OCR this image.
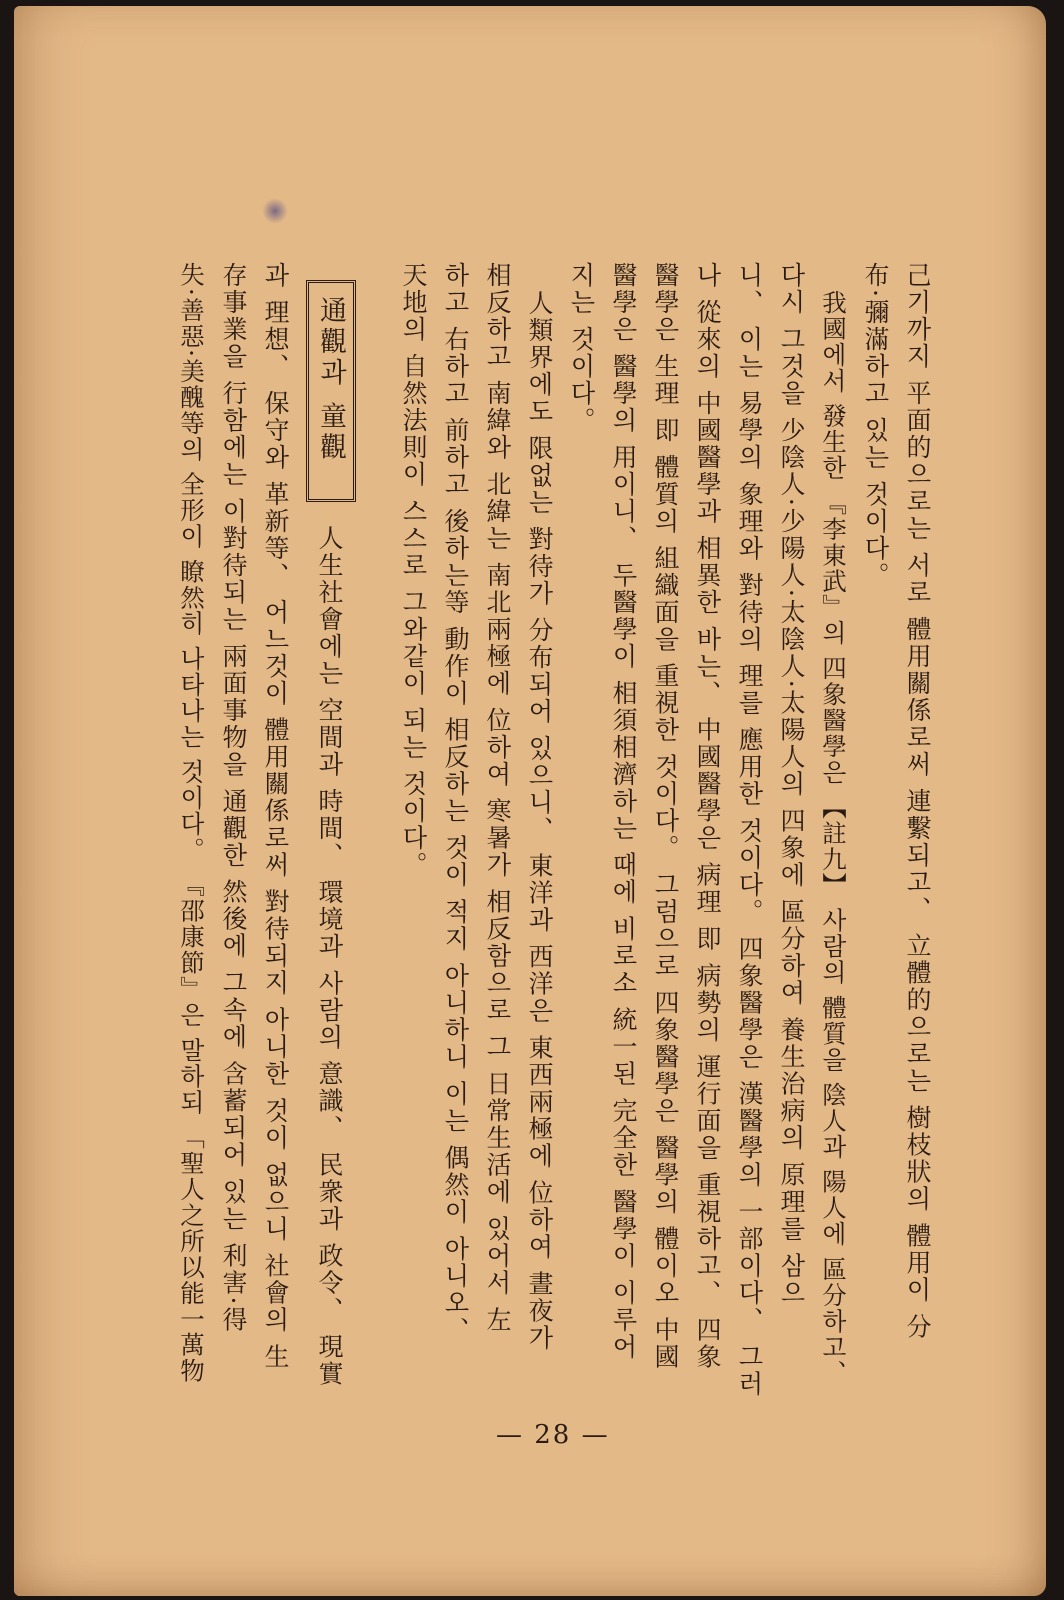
己기까지 平面的으로는 서로 體用關係로써 連繫되고、 立體的으로는 樹枝狀의 體用이 分
布·彌滿하고 있는 것이다。
我國에서 發生한 『李東武』의 四象醫學은 【註九】 사람의 體質을 陰人과 陽人에 區分하고、
다시 그것을 少陰人·少陽人·太陰人·太陽人의 四象에 區分하여 養生治病의 原理를 삼으
니、 이는 易學의 象理와 對待의 理를 應用한 것이다。 四象醫學은 漢醫學의 一部이다、 그러
나 從來의 中國醫學과 相異한 바는、 中國醫學은 病理 即 病勢의 運行面을 重視하고、 四象
醫學은 生理 即 體質의 組織面을 重視한 것이다。 그럼으로 四象醫學은 醫學의 體이오 中國
醫學은 醫學의 用이니、 두醫學이 相須相濟하는 때에 비로소 統一된 完全한 醫學이 이루어
지는 것이다。
人類界에도 限없는 對待가 分布되어 있으니、 東洋과 西洋은 東西兩極에 位하여 晝夜가
相反하고 南緯와 北緯는 南北兩極에 位하여 寒暑가 相反함으로 그 日常生活에 있어서 左
하고 右하고 前하고 後하는等 動作이 相反하는 것이 적지 아니하니 이는 偶然이 아니오、
天地의 自然法則이 스스로 그와같이 되는 것이다。
通觀과 童觀
人生社會에는 空間과 時間、 環境과 사람의 意識、 民衆과 政令、 現實
과 理想、 保守와 革新等、 어느것이 體用關係로써 對待되지 아니한 것이 없으니 社會의 生
存事業을 行함에는 이對待되는 兩面事物을 通觀한 然後에 그속에 含蓄되어 있는 利害·得
失·善惡·美醜等의 全形이 瞭然히 나타나는 것이다。 『邵康節』은 말하되 「聖人之所以能一萬物
— 28 —
